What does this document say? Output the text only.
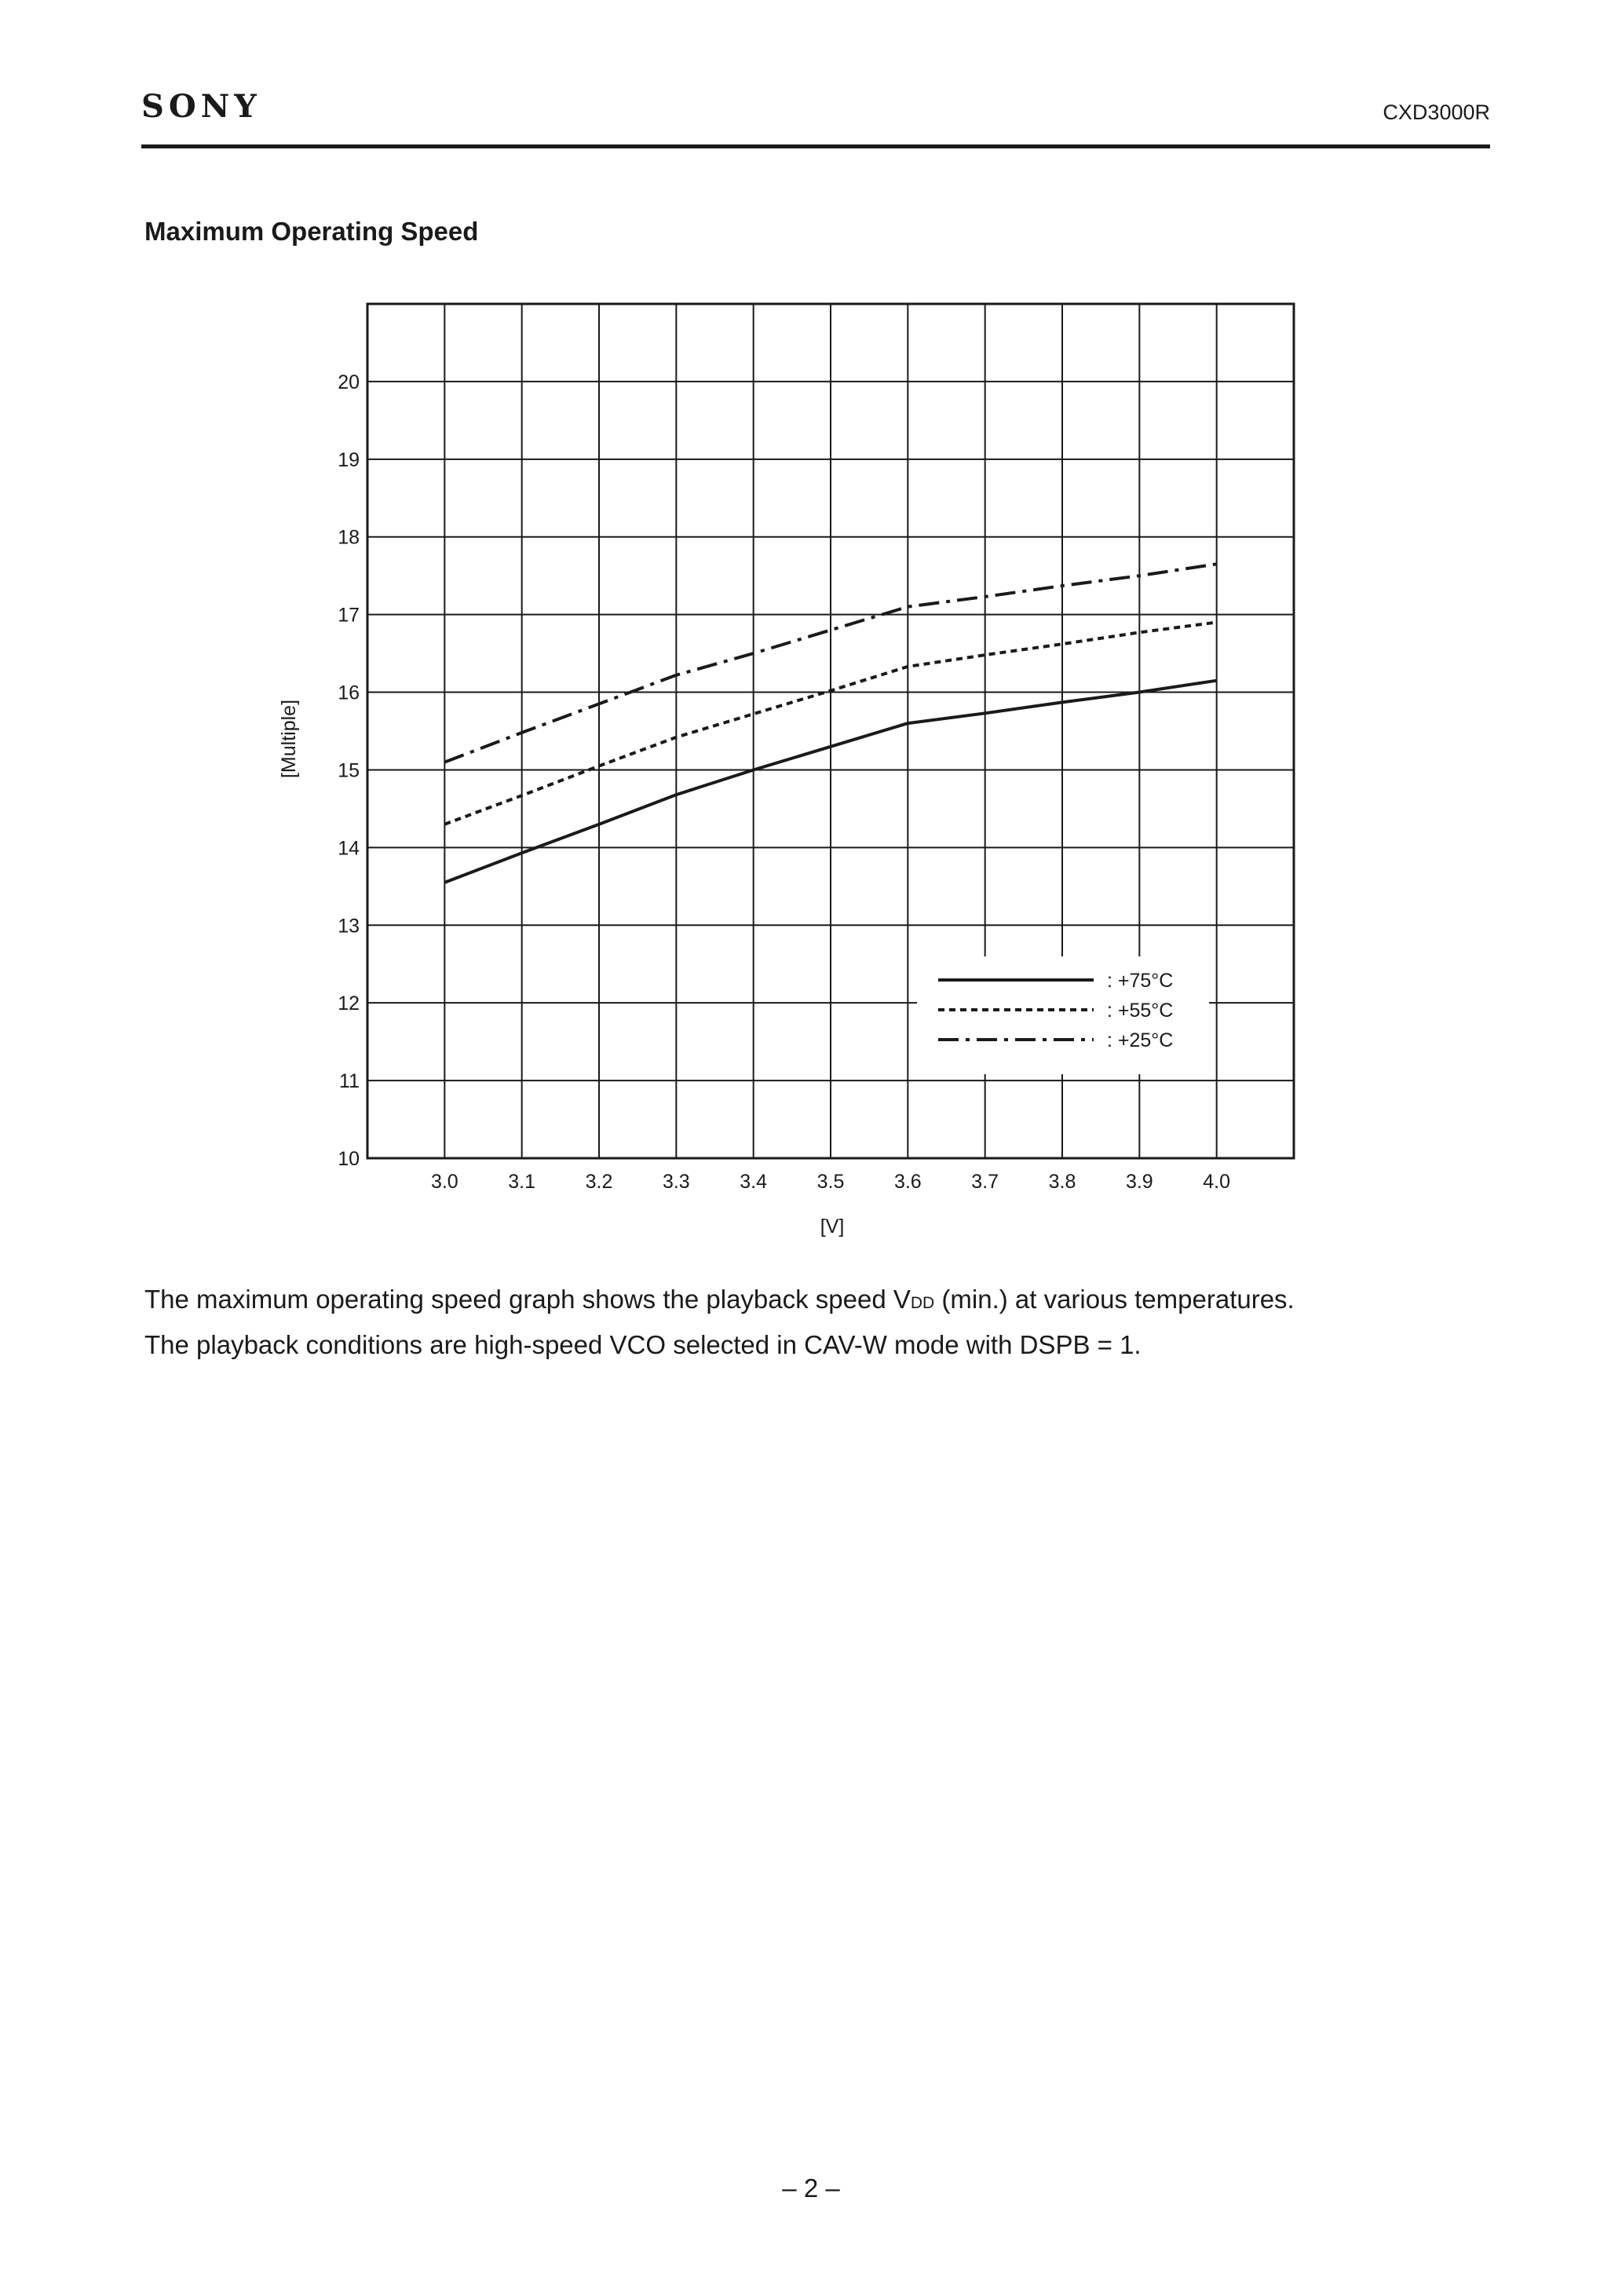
SONY	CXD3000R
Maximum Operating Speed
10
11
12
13
14
15
16
17
18
19
20
3.0	3.1	3.2	3.3	3.4	3.5	3.6	3.7	3.8	3.9	4.0
: +75°C
: +55°C
: +25°C
[V]
[Multiple]

The maximum operating speed graph shows the playback speed VDD (min.) at various temperatures.

The playback conditions are high-speed VCO selected in CAV-W mode with DSPB = 1.

– 2 –
